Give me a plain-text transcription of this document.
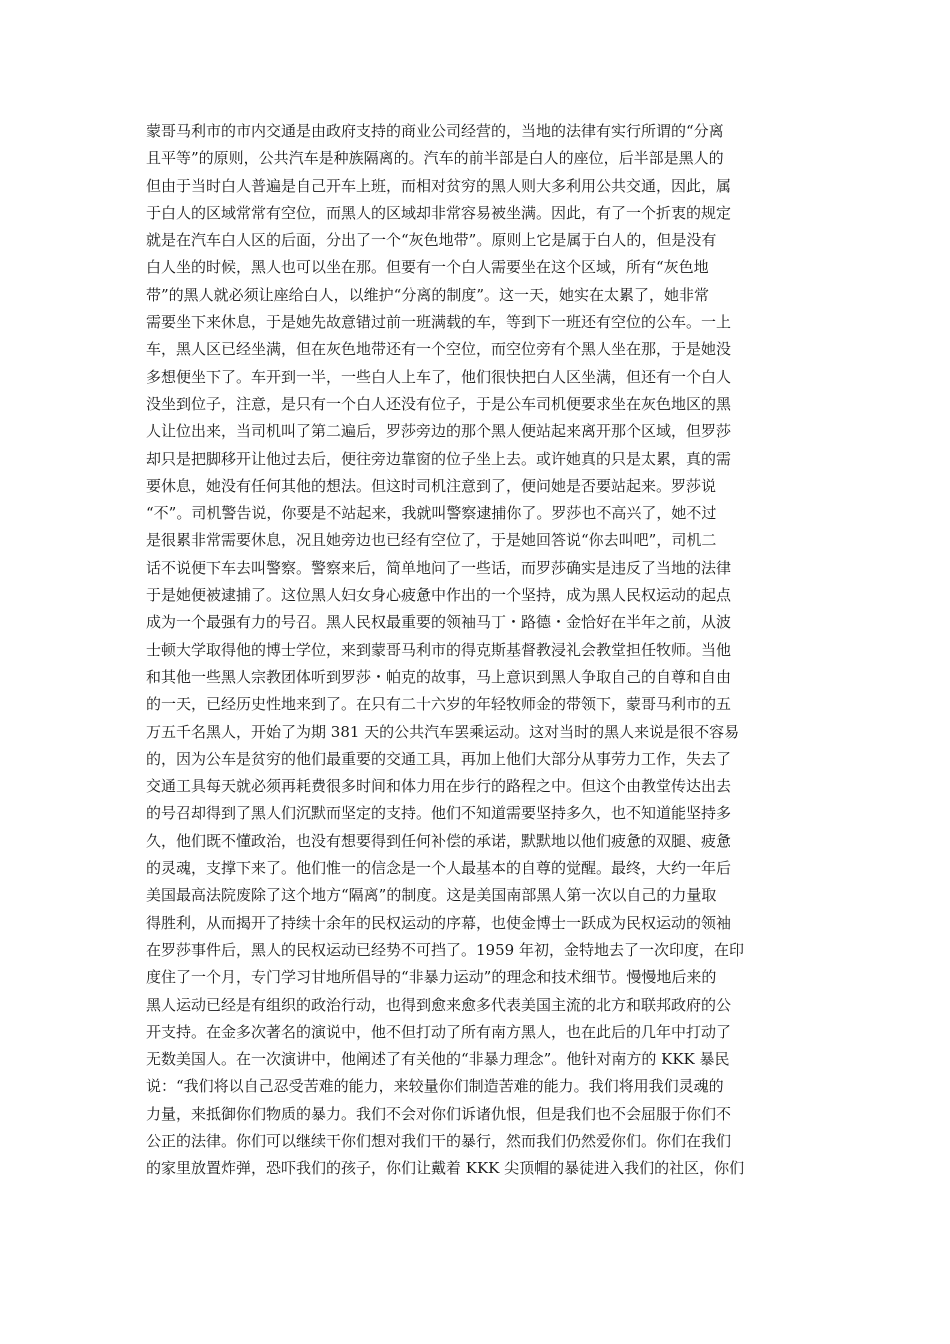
蒙哥马利市的市内交通是由政府支持的商业公司经营的，当地的法律有实行所谓的“分离
且平等”的原则，公共汽车是种族隔离的。汽车的前半部是白人的座位，后半部是黑人的
但由于当时白人普遍是自己开车上班，而相对贫穷的黑人则大多利用公共交通，因此，属
于白人的区域常常有空位，而黑人的区域却非常容易被坐满。因此，有了一个折衷的规定
就是在汽车白人区的后面，分出了一个“灰色地带”。原则上它是属于白人的，但是没有
白人坐的时候，黑人也可以坐在那。但要有一个白人需要坐在这个区域，所有“灰色地
带”的黑人就必须让座给白人，以维护“分离的制度”。这一天，她实在太累了，她非常
需要坐下来休息，于是她先故意错过前一班满载的车，等到下一班还有空位的公车。一上
车，黑人区已经坐满，但在灰色地带还有一个空位，而空位旁有个黑人坐在那，于是她没
多想便坐下了。车开到一半，一些白人上车了，他们很快把白人区坐满，但还有一个白人
没坐到位子，注意，是只有一个白人还没有位子，于是公车司机便要求坐在灰色地区的黑
人让位出来，当司机叫了第二遍后，罗莎旁边的那个黑人便站起来离开那个区域，但罗莎
却只是把脚移开让他过去后，便往旁边靠窗的位子坐上去。或许她真的只是太累，真的需
要休息，她没有任何其他的想法。但这时司机注意到了，便问她是否要站起来。罗莎说
“不”。司机警告说，你要是不站起来，我就叫警察逮捕你了。罗莎也不高兴了，她不过
是很累非常需要休息，况且她旁边也已经有空位了，于是她回答说“你去叫吧”，司机二
话不说便下车去叫警察。警察来后，简单地问了一些话，而罗莎确实是违反了当地的法律
于是她便被逮捕了。这位黑人妇女身心疲惫中作出的一个坚持，成为黑人民权运动的起点
成为一个最强有力的号召。黑人民权最重要的领袖马丁・路德・金恰好在半年之前，从波
士顿大学取得他的博士学位，来到蒙哥马利市的得克斯基督教浸礼会教堂担任牧师。当他
和其他一些黑人宗教团体听到罗莎・帕克的故事，马上意识到黑人争取自己的自尊和自由
的一天，已经历史性地来到了。在只有二十六岁的年轻牧师金的带领下，蒙哥马利市的五
万五千名黑人，开始了为期 381 天的公共汽车罢乘运动。这对当时的黑人来说是很不容易
的，因为公车是贫穷的他们最重要的交通工具，再加上他们大部分从事劳力工作，失去了
交通工具每天就必须再耗费很多时间和体力用在步行的路程之中。但这个由教堂传达出去
的号召却得到了黑人们沉默而坚定的支持。他们不知道需要坚持多久，也不知道能坚持多
久，他们既不懂政治，也没有想要得到任何补偿的承诺，默默地以他们疲惫的双腿、疲惫
的灵魂，支撑下来了。他们惟一的信念是一个人最基本的自尊的觉醒。最终，大约一年后
美国最高法院废除了这个地方“隔离”的制度。这是美国南部黑人第一次以自己的力量取
得胜利，从而揭开了持续十余年的民权运动的序幕，也使金博士一跃成为民权运动的领袖
在罗莎事件后，黑人的民权运动已经势不可挡了。1959 年初，金特地去了一次印度，在印
度住了一个月，专门学习甘地所倡导的“非暴力运动”的理念和技术细节。慢慢地后来的
黑人运动已经是有组织的政治行动，也得到愈来愈多代表美国主流的北方和联邦政府的公
开支持。在金多次著名的演说中，他不但打动了所有南方黑人，也在此后的几年中打动了
无数美国人。在一次演讲中，他阐述了有关他的“非暴力理念”。他针对南方的 KKK 暴民
说：“我们将以自己忍受苦难的能力，来较量你们制造苦难的能力。我们将用我们灵魂的
力量，来抵御你们物质的暴力。我们不会对你们诉诸仇恨，但是我们也不会屈服于你们不
公正的法律。你们可以继续干你们想对我们干的暴行，然而我们仍然爱你们。你们在我们
的家里放置炸弹，恐吓我们的孩子，你们让戴着 KKK 尖顶帽的暴徒进入我们的社区，你们
